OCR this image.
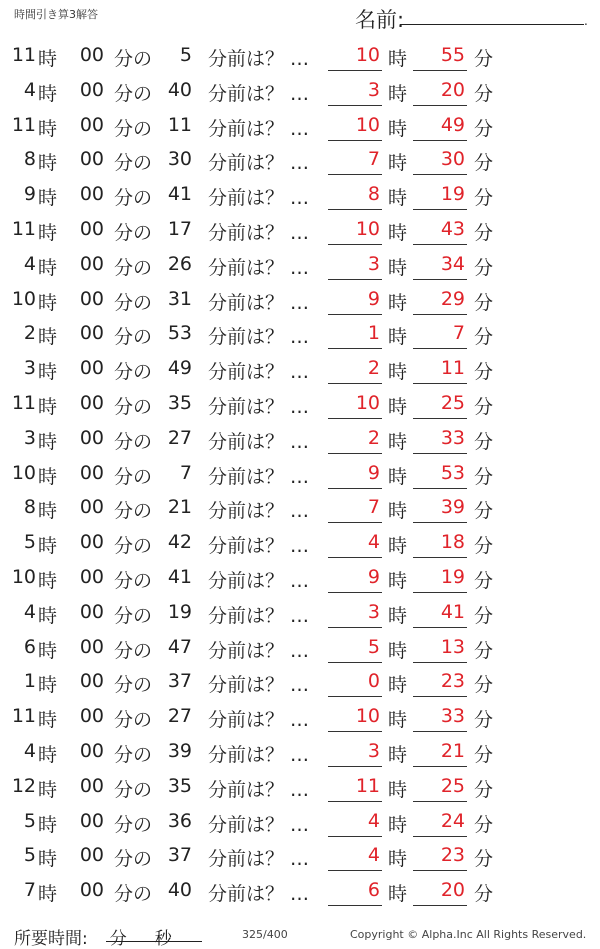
時間引き算3解答	名前:	.
11 時	00 分の	5 分前は？ …	10 時	55 分
4 時	00 分の 40 分前は？ …	3 時	20 分
11 時	00 分の 11 分前は？ …	10 時	49 分
8 時	00 分の 30 分前は？ …	7 時	30 分
9 時	00 分の 41 分前は？ …	8 時	19 分
11 時	00 分の 17 分前は？ …	10 時	43 分
4 時	00 分の 26 分前は？ …	3 時	34 分
10 時	00 分の 31 分前は？ …	9 時	29 分
2 時	00 分の 53 分前は？ …	1 時	7 分
3 時	00 分の 49 分前は？ …	2 時	11 分
11 時	00 分の 35 分前は？ …	10 時	25 分
3 時	00 分の 27 分前は？ …	2 時	33 分
10 時	00 分の	7 分前は？ …	9 時	53 分
8 時	00 分の 21 分前は？ …	7 時	39 分
5 時	00 分の 42 分前は？ …	4 時	18 分
10 時	00 分の 41 分前は？ …	9 時	19 分
4 時	00 分の 19 分前は？ …	3 時	41 分
6 時	00 分の 47 分前は？ …	5 時	13 分
1 時	00 分の 37 分前は？ …	0 時	23 分
11 時	00 分の 27 分前は？ …	10 時	33 分
4 時	00 分の 39 分前は？ …	3 時	21 分
12 時	00 分の 35 分前は？ …	11 時	25 分
5 時	00 分の 36 分前は？ …	4 時	24 分
5 時	00 分の 37 分前は？ …	4 時	23 分
7 時	00 分の 40 分前は？ …	6 時	20 分
所要時間: 分 秒	325/400	Copyright © Alpha.Inc All Rights Reserved.
